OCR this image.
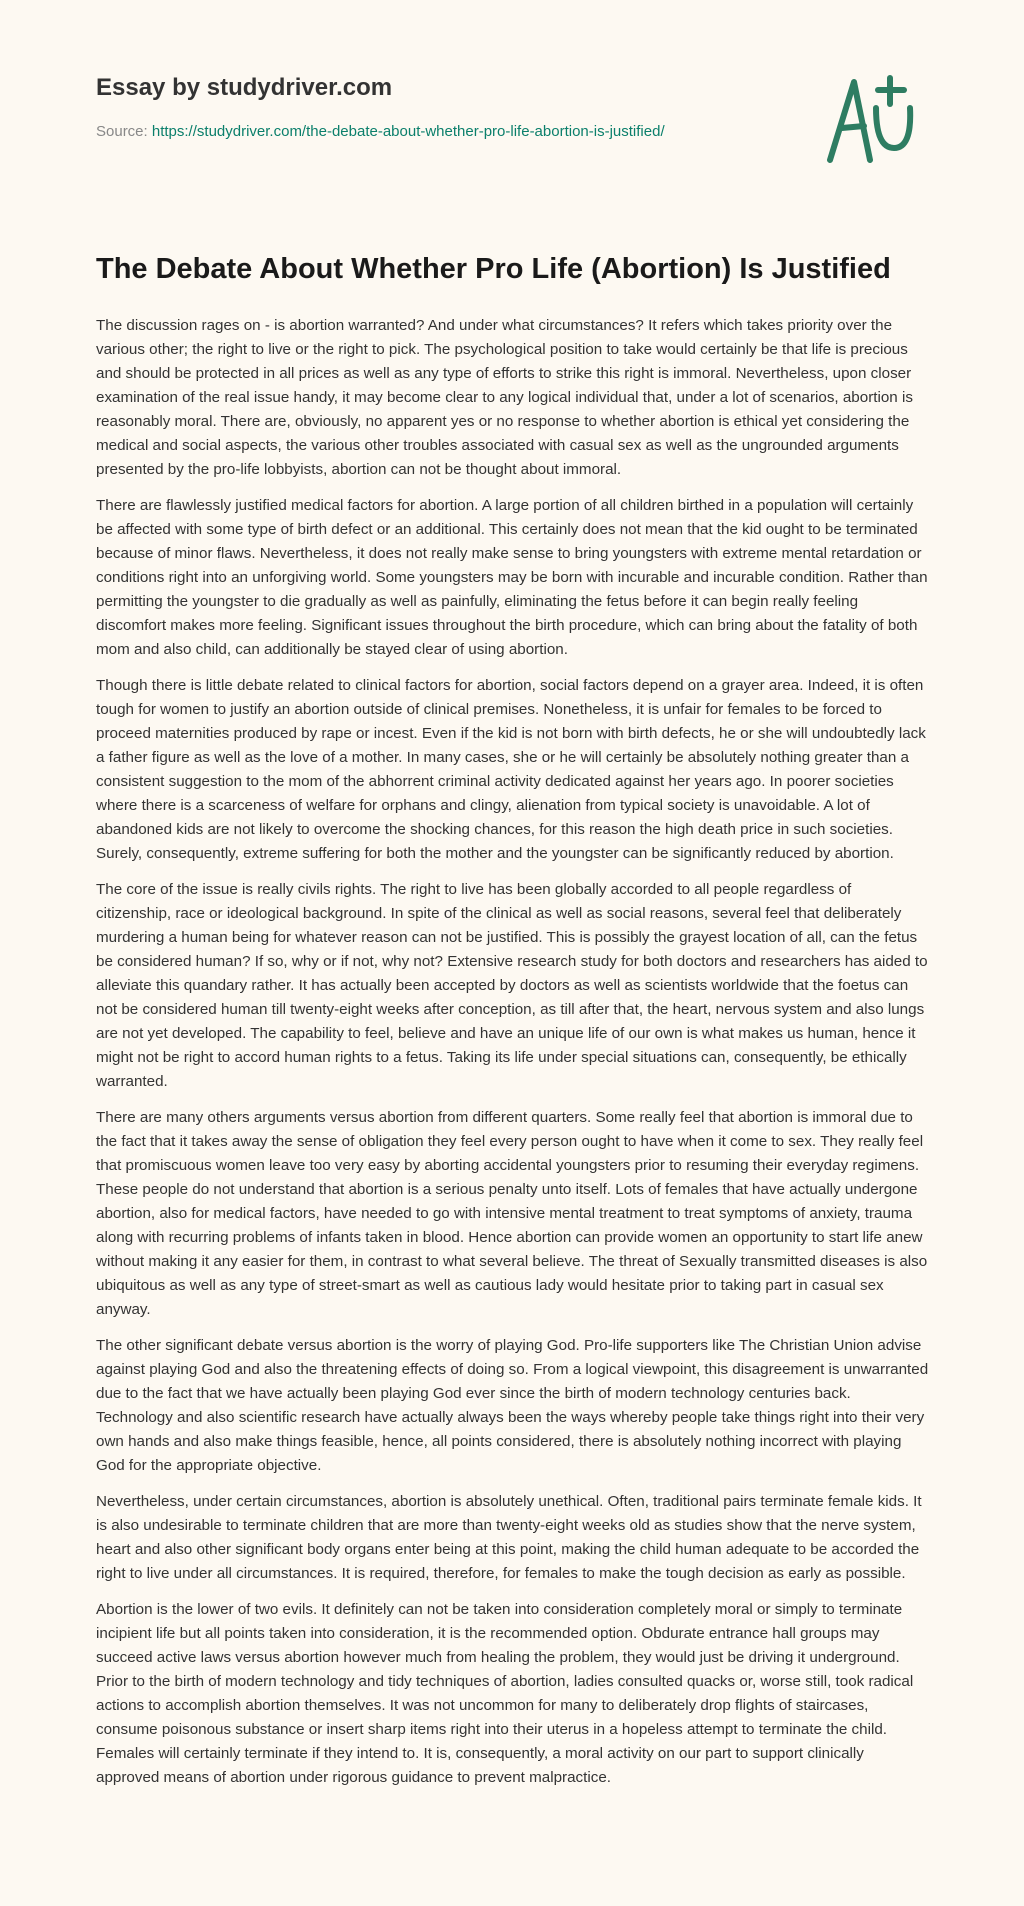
Essay by studydriver.com
Source: https://studydriver.com/the-debate-about-whether-pro-life-abortion-is-justified/
The Debate About Whether Pro Life (Abortion) Is Justified

The discussion rages on - is abortion warranted? And under what circumstances? It refers which takes priority over the various other; the right to live or the right to pick. The psychological position to take would certainly be that life is precious and should be protected in all prices as well as any type of efforts to strike this right is immoral. Nevertheless, upon closer examination of the real issue handy, it may become clear to any logical individual that, under a lot of scenarios, abortion is reasonably moral. There are, obviously, no apparent yes or no response to whether abortion is ethical yet considering the medical and social aspects, the various other troubles associated with casual sex as well as the ungrounded arguments presented by the pro-life lobbyists, abortion can not be thought about immoral.

There are flawlessly justified medical factors for abortion. A large portion of all children birthed in a population will certainly be affected with some type of birth defect or an additional. This certainly does not mean that the kid ought to be terminated because of minor flaws. Nevertheless, it does not really make sense to bring youngsters with extreme mental retardation or conditions right into an unforgiving world. Some youngsters may be born with incurable and incurable condition. Rather than permitting the youngster to die gradually as well as painfully, eliminating the fetus before it can begin really feeling discomfort makes more feeling. Significant issues throughout the birth procedure, which can bring about the fatality of both mom and also child, can additionally be stayed clear of using abortion.

Though there is little debate related to clinical factors for abortion, social factors depend on a grayer area. Indeed, it is often tough for women to justify an abortion outside of clinical premises. Nonetheless, it is unfair for females to be forced to proceed maternities produced by rape or incest. Even if the kid is not born with birth defects, he or she will undoubtedly lack a father figure as well as the love of a mother. In many cases, she or he will certainly be absolutely nothing greater than a consistent suggestion to the mom of the abhorrent criminal activity dedicated against her years ago. In poorer societies where there is a scarceness of welfare for orphans and clingy, alienation from typical society is unavoidable. A lot of abandoned kids are not likely to overcome the shocking chances, for this reason the high death price in such societies. Surely, consequently, extreme suffering for both the mother and the youngster can be significantly reduced by abortion.

The core of the issue is really civils rights. The right to live has been globally accorded to all people regardless of citizenship, race or ideological background. In spite of the clinical as well as social reasons, several feel that deliberately murdering a human being for whatever reason can not be justified. This is possibly the grayest location of all, can the fetus be considered human? If so, why or if not, why not? Extensive research study for both doctors and researchers has aided to alleviate this quandary rather. It has actually been accepted by doctors as well as scientists worldwide that the foetus can not be considered human till twenty-eight weeks after conception, as till after that, the heart, nervous system and also lungs are not yet developed. The capability to feel, believe and have an unique life of our own is what makes us human, hence it might not be right to accord human rights to a fetus. Taking its life under special situations can, consequently, be ethically warranted.

There are many others arguments versus abortion from different quarters. Some really feel that abortion is immoral due to the fact that it takes away the sense of obligation they feel every person ought to have when it come to sex. They really feel that promiscuous women leave too very easy by aborting accidental youngsters prior to resuming their everyday regimens. These people do not understand that abortion is a serious penalty unto itself. Lots of females that have actually undergone abortion, also for medical factors, have needed to go with intensive mental treatment to treat symptoms of anxiety, trauma along with recurring problems of infants taken in blood. Hence abortion can provide women an opportunity to start life anew without making it any easier for them, in contrast to what several believe. The threat of Sexually transmitted diseases is also ubiquitous as well as any type of street-smart as well as cautious lady would hesitate prior to taking part in casual sex anyway.

The other significant debate versus abortion is the worry of playing God. Pro-life supporters like The Christian Union advise against playing God and also the threatening effects of doing so. From a logical viewpoint, this disagreement is unwarranted due to the fact that we have actually been playing God ever since the birth of modern technology centuries back. Technology and also scientific research have actually always been the ways whereby people take things right into their very own hands and also make things feasible, hence, all points considered, there is absolutely nothing incorrect with playing God for the appropriate objective.

Nevertheless, under certain circumstances, abortion is absolutely unethical. Often, traditional pairs terminate female kids. It is also undesirable to terminate children that are more than twenty-eight weeks old as studies show that the nerve system, heart and also other significant body organs enter being at this point, making the child human adequate to be accorded the right to live under all circumstances. It is required, therefore, for females to make the tough decision as early as possible.

Abortion is the lower of two evils. It definitely can not be taken into consideration completely moral or simply to terminate incipient life but all points taken into consideration, it is the recommended option. Obdurate entrance hall groups may succeed active laws versus abortion however much from healing the problem, they would just be driving it underground. Prior to the birth of modern technology and tidy techniques of abortion, ladies consulted quacks or, worse still, took radical actions to accomplish abortion themselves. It was not uncommon for many to deliberately drop flights of staircases, consume poisonous substance or insert sharp items right into their uterus in a hopeless attempt to terminate the child. Females will certainly terminate if they intend to. It is, consequently, a moral activity on our part to support clinically approved means of abortion under rigorous guidance to prevent malpractice.
